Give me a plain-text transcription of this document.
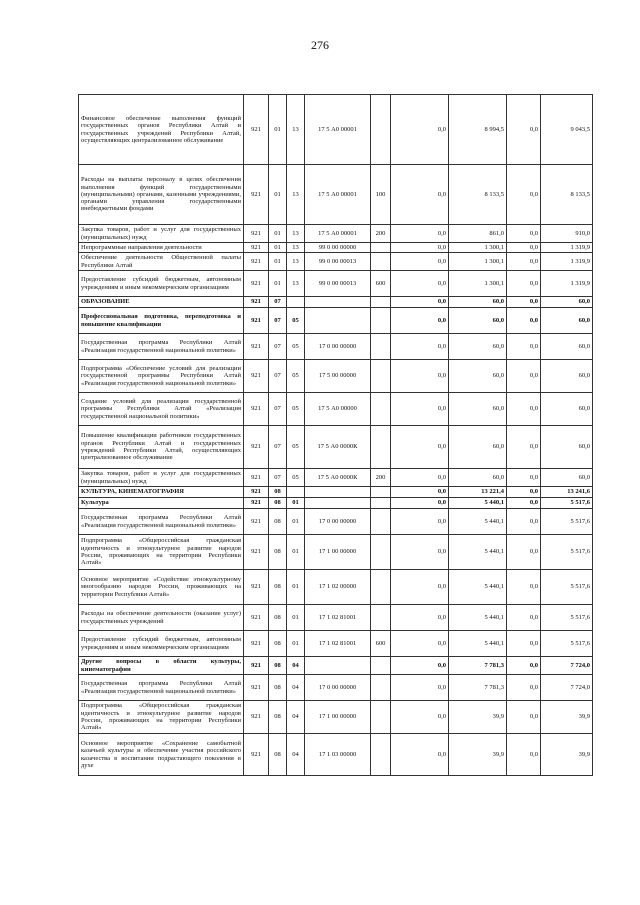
276
Финансовое обеспечение выполнения функций государственных органов Республики Алтай и государственных учреждений Республики Алтай, осуществляющих централизованное обслуживание	921	01	13	17 5 А0 00001		0,0	8 994,5	0,0	9 043,5
Расходы на выплаты персоналу в целях обеспечения выполнения функций государственными (муниципальными) органами, казенными учреждениями, органами управления государственными внебюджетными фондами	921	01	13	17 5 А0 00001	100	0,0	8 133,5	0,0	8 133,5
Закупка товаров, работ и услуг для государственных (муниципальных) нужд	921	01	13	17 5 А0 00001	200	0,0	861,0	0,0	910,0
Непрограммные направления деятельности	921	01	13	99 0 00 00000		0,0	1 300,1	0,0	1 319,9
Обеспечение деятельности Общественной палаты Республики Алтай	921	01	13	99 0 00 00013		0,0	1 300,1	0,0	1 319,9
Предоставление субсидий бюджетным, автономным учреждениям и иным некоммерческим организациям	921	01	13	99 0 00 00013	600	0,0	1 300,1	0,0	1 319,9
ОБРАЗОВАНИЕ	921	07				0,0	60,0	0,0	60,0
Профессиональная подготовка, переподготовка и повышение квалификации	921	07	05			0,0	60,0	0,0	60,0
Государственная программа Республики Алтай «Реализация государственной национальной политики»	921	07	05	17 0 00 00000		0,0	60,0	0,0	60,0
Подпрограмма «Обеспечение условий для реализации государственной программы Республики Алтай «Реализация государственной национальной политики»	921	07	05	17 5 00 00000		0,0	60,0	0,0	60,0
Создание условий для реализации государственной программы Республики Алтай «Реализация государственной национальной политики»	921	07	05	17 5 А0 00000		0,0	60,0	0,0	60,0
Повышение квалификации работников государственных органов Республики Алтай и государственных учреждений Республики Алтай, осуществляющих централизованное обслуживание	921	07	05	17 5 А0 0000К		0,0	60,0	0,0	60,0
Закупка товаров, работ и услуг для государственных (муниципальных) нужд	921	07	05	17 5 А0 0000К	200	0,0	60,0	0,0	60,0
КУЛЬТУРА, КИНЕМАТОГРАФИЯ	921	08				0,0	13 221,4	0,0	13 241,6
Культура	921	08	01			0,0	5 440,1	0,0	5 517,6
Государственная программа Республики Алтай «Реализация государственной национальной политики»	921	08	01	17 0 00 00000		0,0	5 440,1	0,0	5 517,6
Подпрограмма «Общероссийская гражданская идентичность и этнокультурное развитие народов России, проживающих на территории Республики Алтай»	921	08	01	17 1 00 00000		0,0	5 440,1	0,0	5 517,6
Основное мероприятие «Содействие этнокультурному многообразию народов России, проживающих на территории Республики Алтай»	921	08	01	17 1 02 00000		0,0	5 440,1	0,0	5 517,6
Расходы на обеспечение деятельности (оказание услуг) государственных учреждений	921	08	01	17 1 02 81001		0,0	5 440,1	0,0	5 517,6
Предоставление субсидий бюджетным, автономным учреждениям и иным некоммерческим организациям	921	08	01	17 1 02 81001	600	0,0	5 440,1	0,0	5 517,6
Другие вопросы в области культуры, кинематографии	921	08	04			0,0	7 781,3	0,0	7 724,0
Государственная программа Республики Алтай «Реализация государственной национальной политики»	921	08	04	17 0 00 00000		0,0	7 781,3	0,0	7 724,0
Подпрограмма «Общероссийская гражданская идентичность и этнокультурное развитие народов России, проживающих на территории Республики Алтай»	921	08	04	17 1 00 00000		0,0	39,9	0,0	39,9
Основное мероприятие «Сохранение самобытной казачьей культуры и обеспечение участия российского казачества в воспитании подрастающего поколения в духе	921	08	04	17 1 03 00000		0,0	39,9	0,0	39,9
